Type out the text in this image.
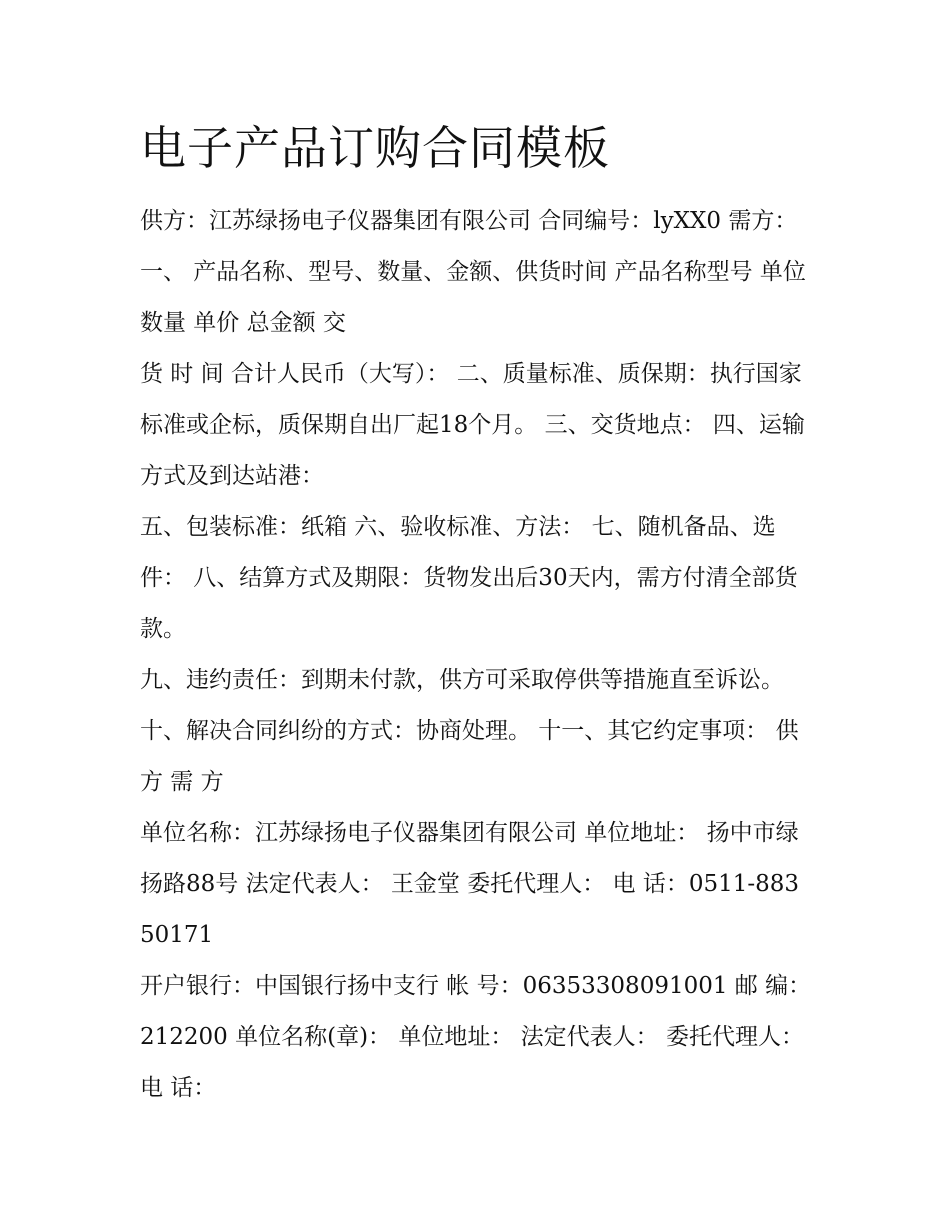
电子产品订购合同模板

供方：江苏绿扬电子仪器集团有限公司 合同编号：lyXX0 需方： 一、 产品名称、型号、数量、金额、供货时间 产品名称型号 单位 数量 单价 总金额 交

货 时 间 合计人民币（大写）： 二、质量标准、质保期：执行国家标准或企标，质保期自出厂起18个月。 三、交货地点： 四、运输方式及到达站港：

五、包装标准：纸箱 六、验收标准、方法： 七、随机备品、选件： 八、结算方式及期限：货物发出后30天内，需方付清全部货款。

九、违约责任：到期未付款，供方可采取停供等措施直至诉讼。 十、解决合同纠纷的方式：协商处理。 十一、其它约定事项： 供 方 需 方

单位名称：江苏绿扬电子仪器集团有限公司 单位地址： 扬中市绿扬路88号 法定代表人： 王金堂 委托代理人： 电 话：0511-88350171

开户银行：中国银行扬中支行 帐 号：06353308091001 邮 编：212200 单位名称(章)： 单位地址： 法定代表人： 委托代理人： 电 话：
